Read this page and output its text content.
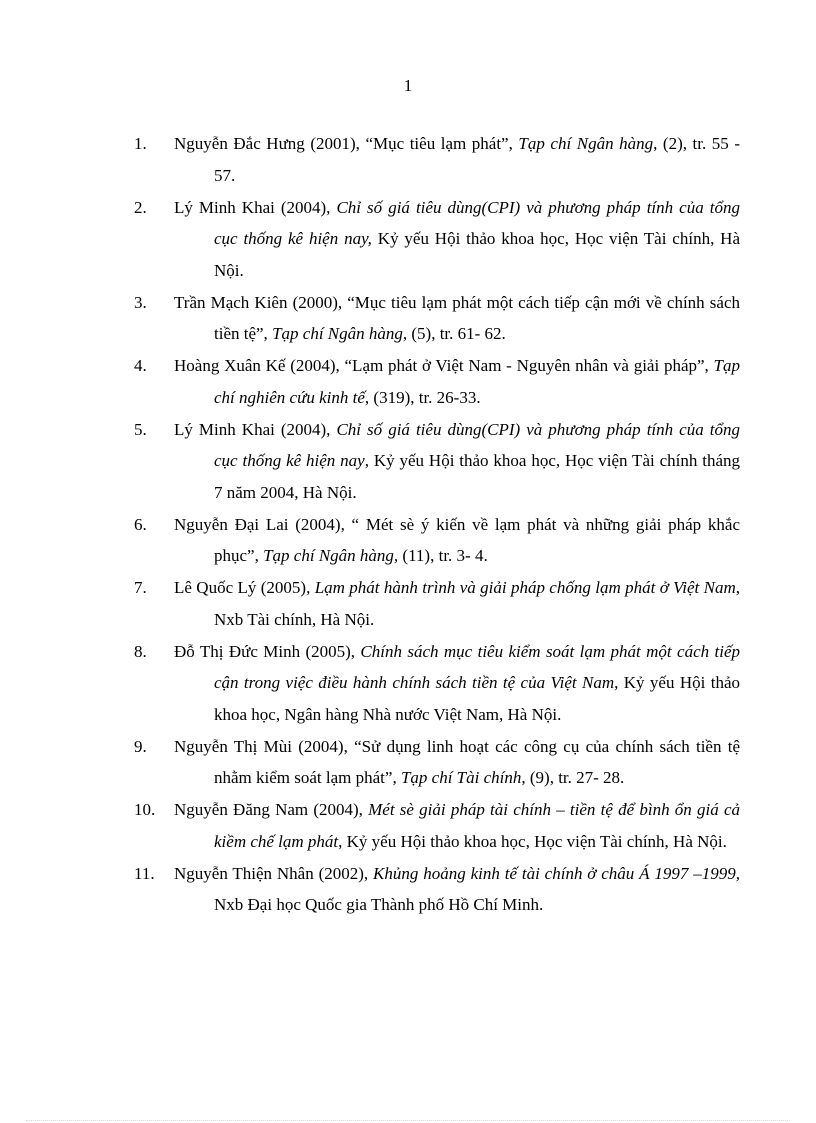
1
1. Nguyễn Đắc Hưng (2001), “Mục tiêu lạm phát”, Tạp chí Ngân hàng, (2), tr. 55 - 57.
2. Lý Minh Khai (2004), Chỉ số giá tiêu dùng(CPI) và phương pháp tính của tổng cục thống kê hiện nay, Kỷ yếu Hội thảo khoa học, Học viện Tài chính, Hà Nội.
3. Trần Mạch Kiên (2000), “Mục tiêu lạm phát một cách tiếp cận mới về chính sách tiền tệ”, Tạp chí Ngân hàng, (5), tr. 61- 62.
4. Hoàng Xuân Kế (2004), “Lạm phát ở Việt Nam - Nguyên nhân và giải pháp”, Tạp chí nghiên cứu kinh tế, (319), tr. 26-33.
5. Lý Minh Khai (2004), Chỉ số giá tiêu dùng(CPI) và phương pháp tính của tổng cục thống kê hiện nay, Kỷ yếu Hội thảo khoa học, Học viện Tài chính tháng 7 năm 2004, Hà Nội.
6. Nguyễn Đại Lai (2004), “ Mét sè ý kiến về lạm phát và những giải pháp khắc phục”, Tạp chí Ngân hàng, (11), tr. 3- 4.
7. Lê Quốc Lý (2005), Lạm phát hành trình và giải pháp chống lạm phát ở Việt Nam, Nxb Tài chính, Hà Nội.
8. Đỗ Thị Đức Minh (2005), Chính sách mục tiêu kiểm soát lạm phát một cách tiếp cận trong việc điều hành chính sách tiền tệ của Việt Nam, Kỷ yếu Hội thảo khoa học, Ngân hàng Nhà nước Việt Nam, Hà Nội.
9. Nguyễn Thị Mùi (2004), “Sử dụng linh hoạt các công cụ của chính sách tiền tệ nhằm kiểm soát lạm phát”, Tạp chí Tài chính, (9), tr. 27- 28.
10. Nguyễn Đăng Nam (2004), Mét sè giải pháp tài chính – tiền tệ để bình ổn giá cả kiềm chế lạm phát, Kỷ yếu Hội thảo khoa học, Học viện Tài chính, Hà Nội.
11. Nguyễn Thiện Nhân (2002), Khủng hoảng kinh tế tài chính ở châu Á 1997 –1999, Nxb Đại học Quốc gia Thành phố Hồ Chí Minh.
